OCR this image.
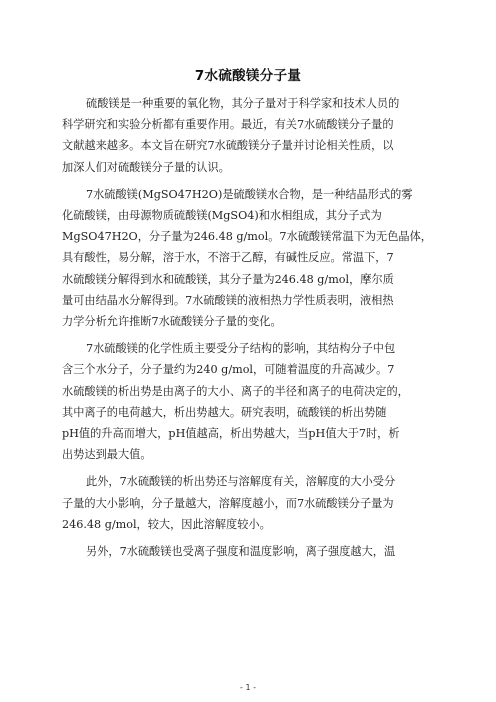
7水硫酸镁分子量
硫酸镁是一种重要的氧化物，其分子量对于科学家和技术人员的
科学研究和实验分析都有重要作用。最近，有关7水硫酸镁分子量的
文献越来越多。本文旨在研究7水硫酸镁分子量并讨论相关性质，以
加深人们对硫酸镁分子量的认识。
7水硫酸镁(MgSO47H2O)是硫酸镁水合物，是一种结晶形式的雾
化硫酸镁，由母源物质硫酸镁(MgSO4)和水相组成，其分子式为
MgSO47H2O，分子量为246.48 g/mol。7水硫酸镁常温下为无色晶体，
具有酸性，易分解，溶于水，不溶于乙醇，有碱性反应。常温下，7
水硫酸镁分解得到水和硫酸镁，其分子量为246.48 g/mol，摩尔质
量可由结晶水分解得到。7水硫酸镁的液相热力学性质表明，液相热
力学分析允许推断7水硫酸镁分子量的变化。
7水硫酸镁的化学性质主要受分子结构的影响，其结构分子中包
含三个水分子，分子量约为240 g/mol，可随着温度的升高减少。7
水硫酸镁的析出势是由离子的大小、离子的半径和离子的电荷决定的，
其中离子的电荷越大，析出势越大。研究表明，硫酸镁的析出势随
pH值的升高而增大，pH值越高，析出势越大，当pH值大于7时，析
出势达到最大值。
此外，7水硫酸镁的析出势还与溶解度有关，溶解度的大小受分
子量的大小影响，分子量越大，溶解度越小，而7水硫酸镁分子量为
246.48 g/mol，较大，因此溶解度较小。
另外，7水硫酸镁也受离子强度和温度影响，离子强度越大，温
- 1 -
